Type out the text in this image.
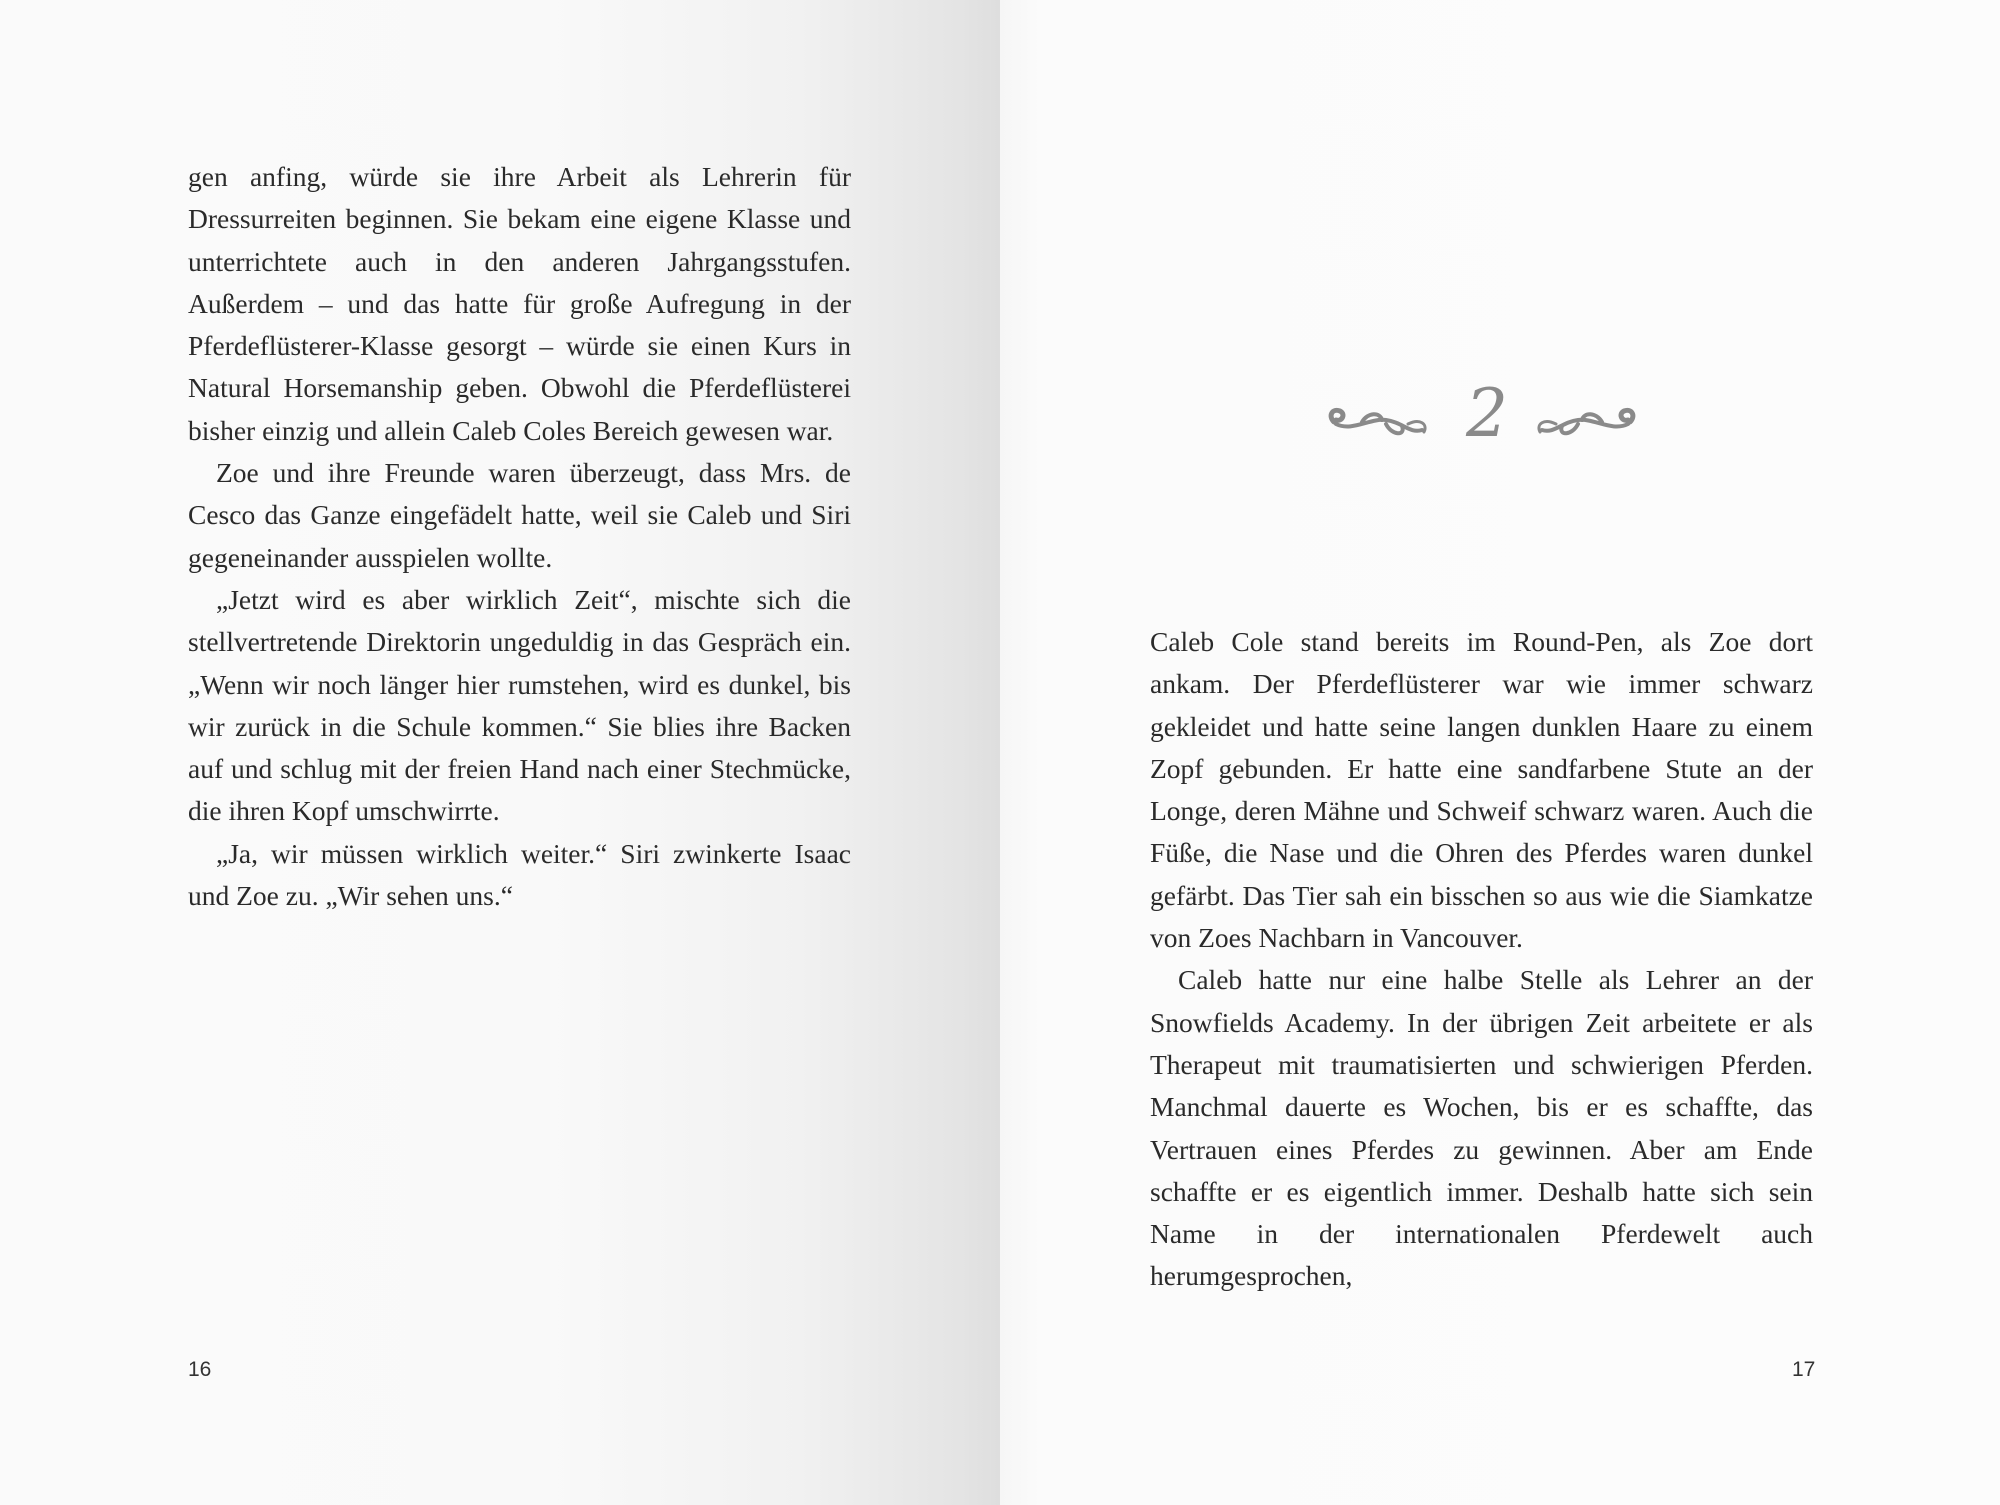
gen anfing, würde sie ihre Arbeit als Lehrerin für Dressurreiten beginnen. Sie bekam eine eigene Klasse und unterrichtete auch in den anderen Jahrgangsstufen. Außerdem – und das hatte für große Aufregung in der Pferdeflüsterer-Klasse gesorgt – würde sie einen Kurs in Natural Horsemanship geben. Obwohl die Pferdeflüsterei bisher einzig und allein Caleb Coles Bereich gewesen war.

Zoe und ihre Freunde waren überzeugt, dass Mrs. de Cesco das Ganze eingefädelt hatte, weil sie Caleb und Siri gegeneinander ausspielen wollte.

„Jetzt wird es aber wirklich Zeit“, mischte sich die stellvertretende Direktorin ungeduldig in das Gespräch ein. „Wenn wir noch länger hier rumstehen, wird es dunkel, bis wir zurück in die Schule kommen.“ Sie blies ihre Backen auf und schlug mit der freien Hand nach einer Stechmücke, die ihren Kopf umschwirrte.

„Ja, wir müssen wirklich weiter.“ Siri zwinkerte Isaac und Zoe zu. „Wir sehen uns.“

16	17
2

Caleb Cole stand bereits im Round-Pen, als Zoe dort ankam. Der Pferdeflüsterer war wie immer schwarz gekleidet und hatte seine langen dunklen Haare zu einem Zopf gebunden. Er hatte eine sandfarbene Stute an der Longe, deren Mähne und Schweif schwarz waren. Auch die Füße, die Nase und die Ohren des Pferdes waren dunkel gefärbt. Das Tier sah ein bisschen so aus wie die Siamkatze von Zoes Nachbarn in Vancouver.

Caleb hatte nur eine halbe Stelle als Lehrer an der Snowfields Academy. In der übrigen Zeit arbeitete er als Therapeut mit traumatisierten und schwierigen Pferden. Manchmal dauerte es Wochen, bis er es schaffte, das Vertrauen eines Pferdes zu gewinnen. Aber am Ende schaffte er es eigentlich immer. Deshalb hatte sich sein Name in der internationalen Pferdewelt auch herumgesprochen,
